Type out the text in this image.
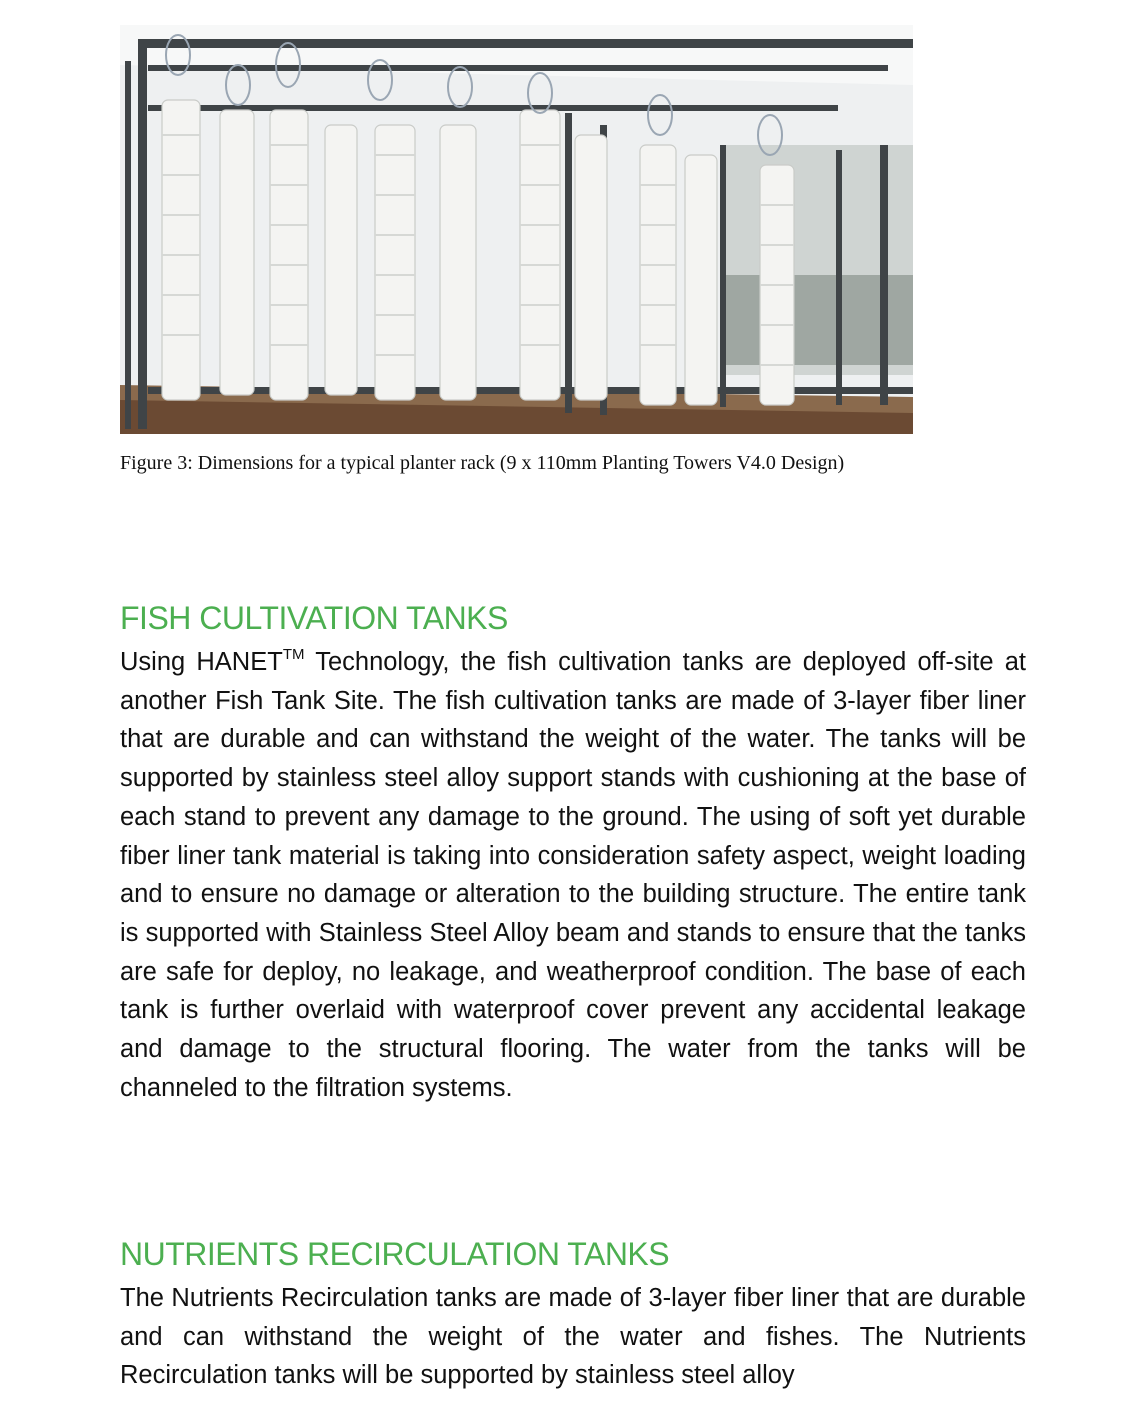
Figure 3: Dimensions for a typical planter rack (9 x 110mm Planting Towers V4.0 Design)
FISH CULTIVATION TANKS
Using HANET™ Technology, the fish cultivation tanks are deployed off-site at another Fish Tank Site. The fish cultivation tanks are made of 3-layer fiber liner that are durable and can withstand the weight of the water. The tanks will be supported by stainless steel alloy support stands with cushioning at the base of each stand to prevent any damage to the ground. The using of soft yet durable fiber liner tank material is taking into consideration safety aspect, weight loading and to ensure no damage or alteration to the building structure. The entire tank is supported with Stainless Steel Alloy beam and stands to ensure that the tanks are safe for deploy, no leakage, and weatherproof condition. The base of each tank is further overlaid with waterproof cover prevent any accidental leakage and damage to the structural flooring. The water from the tanks will be channeled to the filtration systems.
NUTRIENTS RECIRCULATION TANKS
The Nutrients Recirculation tanks are made of 3-layer fiber liner that are durable and can withstand the weight of the water and fishes. The Nutrients Recirculation tanks will be supported by stainless steel alloy
